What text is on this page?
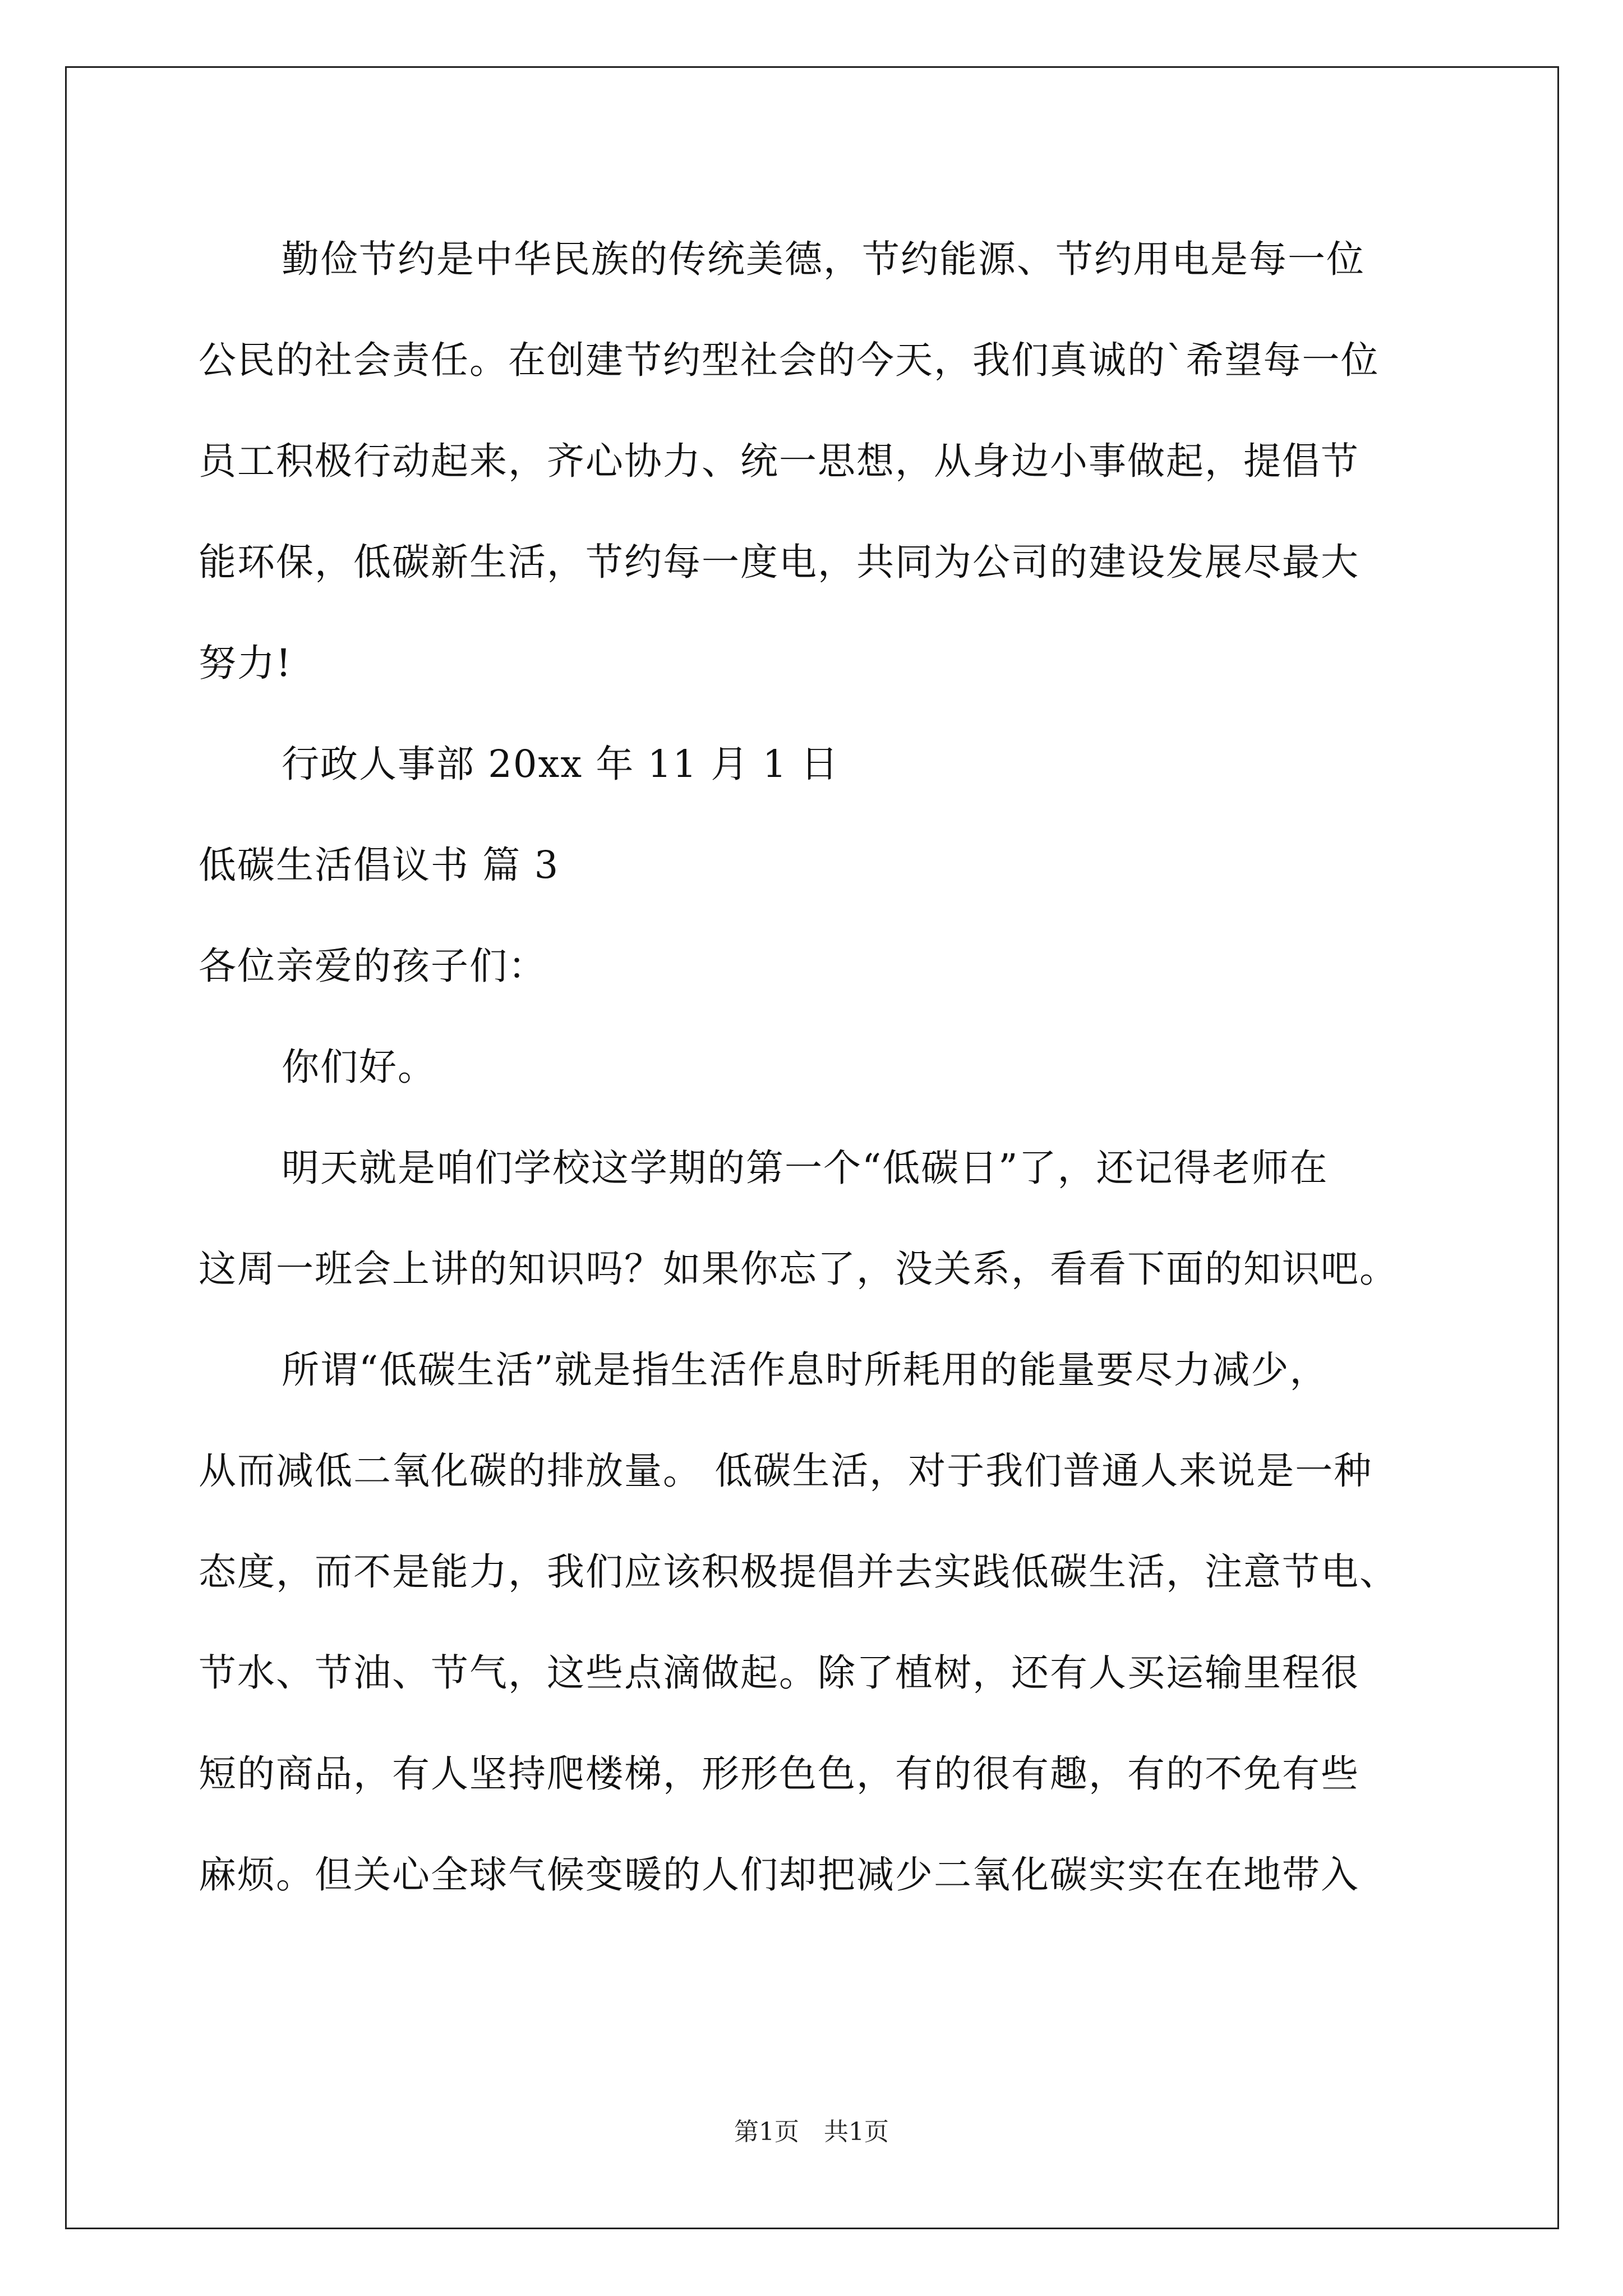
勤俭节约是中华民族的传统美德，节约能源、节约用电是每一位
公民的社会责任。在创建节约型社会的今天，我们真诚的`希望每一位
员工积极行动起来，齐心协力、统一思想，从身边小事做起，提倡节
能环保，低碳新生活，节约每一度电，共同为公司的建设发展尽最大
努力!
行政人事部 20xx 年 11 月 1 日
低碳生活倡议书 篇 3
各位亲爱的孩子们：
你们好。
明天就是咱们学校这学期的第一个“低碳日”了，还记得老师在
这周一班会上讲的知识吗？如果你忘了，没关系，看看下面的知识吧。
所谓“低碳生活”就是指生活作息时所耗用的能量要尽力减少，
从而减低二氧化碳的排放量。 低碳生活，对于我们普通人来说是一种
态度，而不是能力，我们应该积极提倡并去实践低碳生活，注意节电、
节水、节油、节气，这些点滴做起。除了植树，还有人买运输里程很
短的商品，有人坚持爬楼梯，形形色色，有的很有趣，有的不免有些
麻烦。但关心全球气候变暖的人们却把减少二氧化碳实实在在地带入
第1页　共1页
